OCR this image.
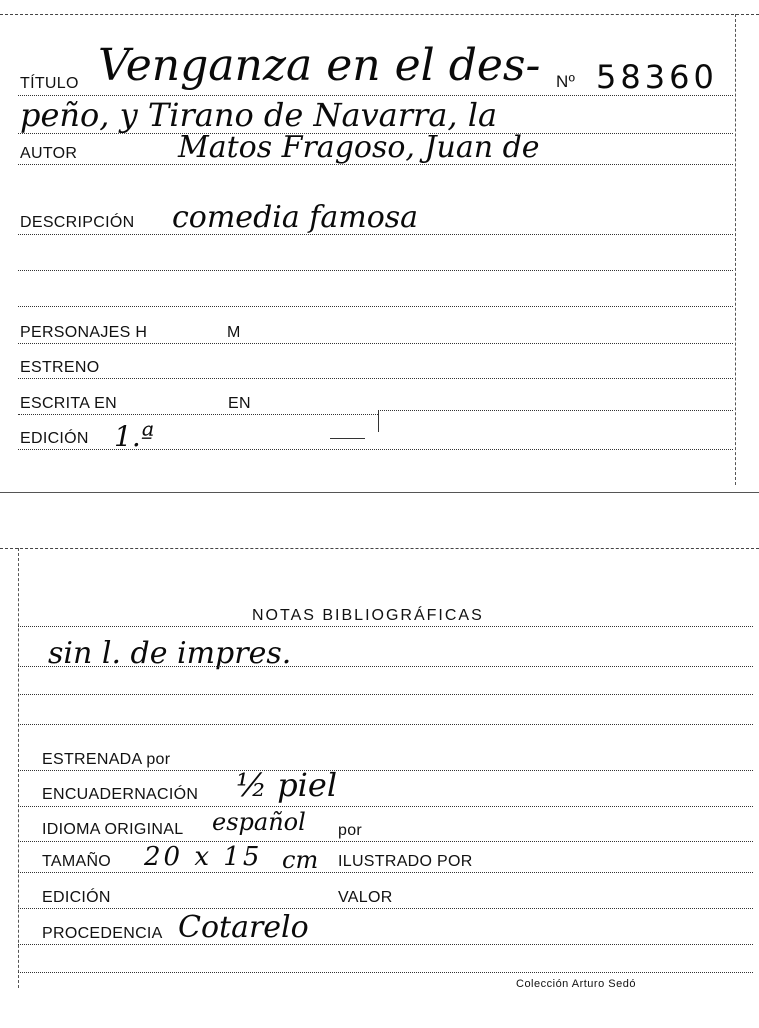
TÍTULO Venganza en el des- Nº 58360
peño, y Tirano de Navarra, la
AUTOR	Matos Fragoso, Juan de
DESCRIPCIÓN comedia famosa
PERSONAJES H	M
ESTRENO
ESCRITA EN	EN
EDICIÓN 1.ª
NOTAS BIBLIOGRÁFICAS
sin l. de impres.
ESTRENADA por
ENCUADERNACIÓN ½ piel
IDIOMA ORIGINAL español por
TAMAÑO 20 x 15 cm ILUSTRADO POR
EDICIÓN	VALOR
PROCEDENCIA Cotarelo
Colección Arturo Sedó
